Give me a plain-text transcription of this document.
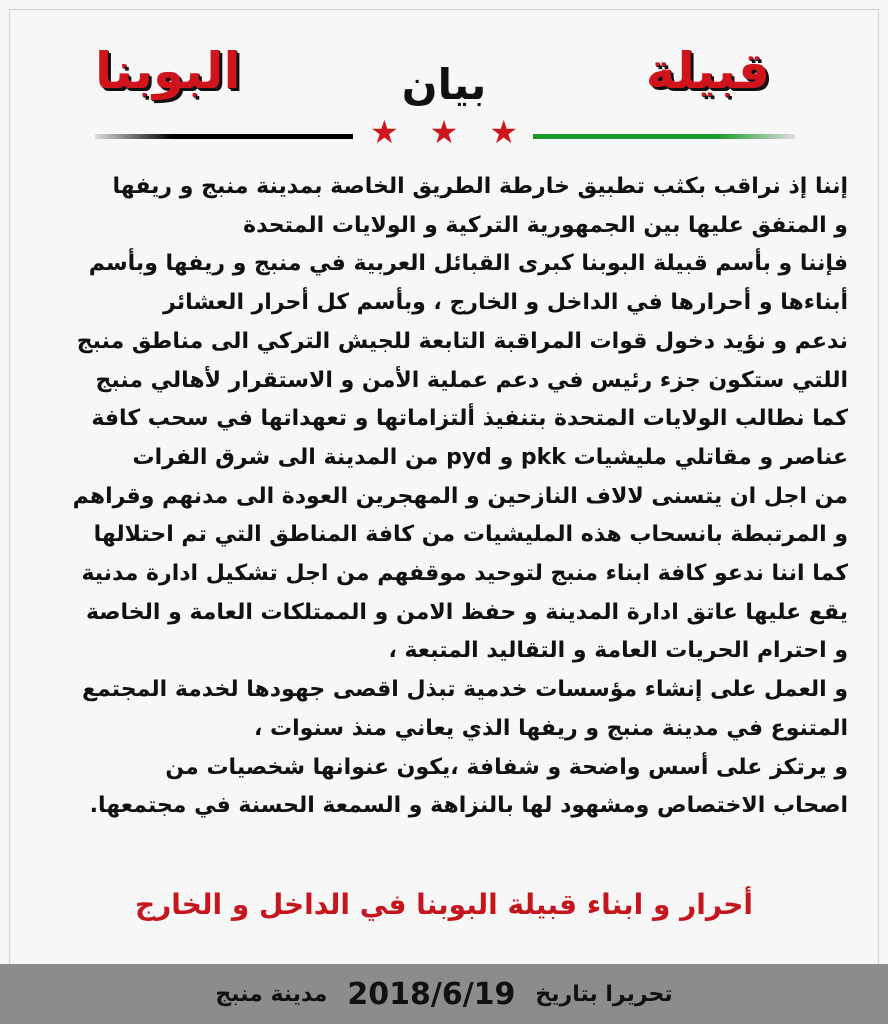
قبيلة
بيان
البوبنا
★ ★ ★
إننا إذ نراقب بكثب تطبيق خارطة الطريق الخاصة بمدينة منبج و ريفها
و المتفق عليها بين الجمهورية التركية و الولايات المتحدة
فإننا و بأسم قبيلة البوبنا كبرى القبائل العربية في منبج و ريفها وبأسم
أبناءها و أحرارها في الداخل و الخارج ، وبأسم كل أحرار العشائر
ندعم و نؤيد دخول قوات المراقبة التابعة للجيش التركي الى مناطق منبج
اللتي ستكون جزء رئيس في دعم عملية الأمن و الاستقرار لأهالي منبج
كما نطالب الولايات المتحدة بتنفيذ ألتزاماتها و تعهداتها في سحب كافة
عناصر و مقاتلي مليشيات pkk و pyd من المدينة الى شرق الفرات
من اجل ان يتسنى لالاف النازحين و المهجرين العودة الى مدنهم وقراهم
و المرتبطة بانسحاب هذه المليشيات من كافة المناطق التي تم احتلالها
كما اننا ندعو كافة ابناء منبج لتوحيد موقفهم من اجل تشكيل ادارة مدنية
يقع عليها عاتق ادارة المدينة و حفظ الامن و الممتلكات العامة و الخاصة
و احترام الحريات العامة و التقاليد المتبعة ،
و العمل على إنشاء مؤسسات خدمية تبذل اقصى جهودها لخدمة المجتمع
المتنوع في مدينة منبج و ريفها الذي يعاني منذ سنوات ،
و يرتكز على أسس واضحة و شفافة ،يكون عنوانها شخصيات من
اصحاب الاختصاص ومشهود لها بالنزاهة و السمعة الحسنة في مجتمعها.
أحرار و ابناء قبيلة البوبنا في الداخل و الخارج
تحريرا بتاريخ
2018/6/19
مدينة منبج
